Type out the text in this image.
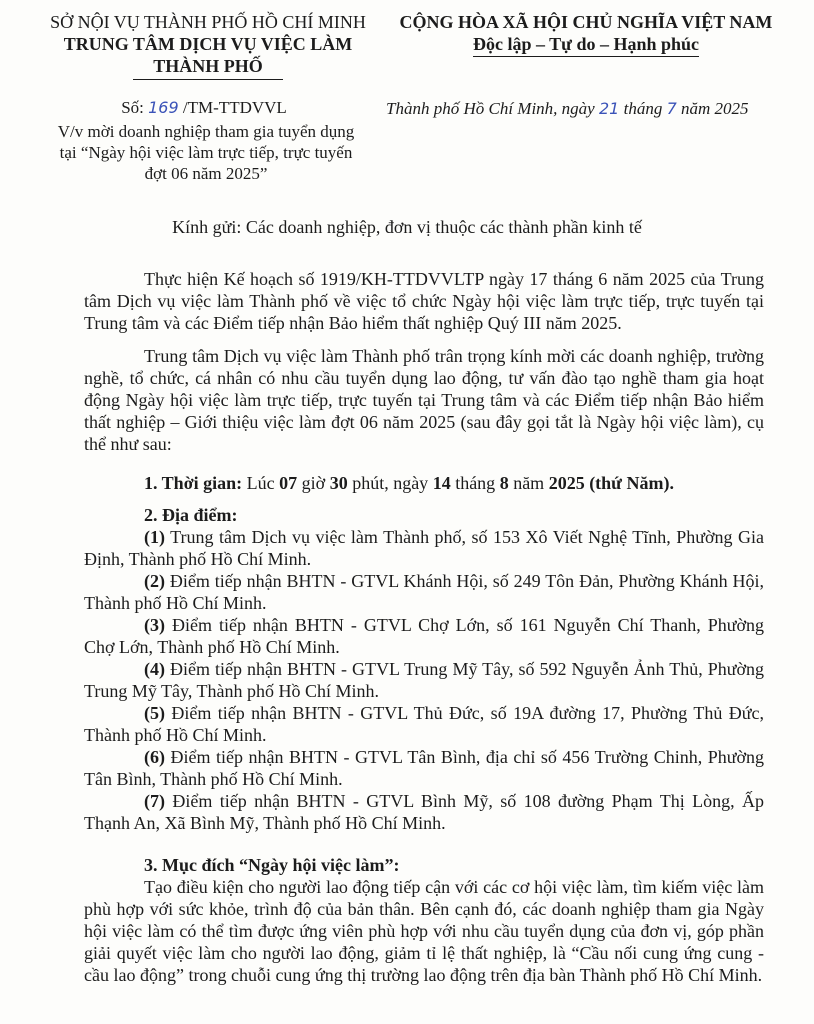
SỞ NỘI VỤ THÀNH PHỐ HỒ CHÍ MINH
TRUNG TÂM DỊCH VỤ VIỆC LÀM
THÀNH PHỐ
CỘNG HÒA XÃ HỘI CHỦ NGHĨA VIỆT NAM
Độc lập – Tự do – Hạnh phúc
Số: 169 /TM-TTDVVL	Thành phố Hồ Chí Minh, ngày 21 tháng 7 năm 2025
V/v mời doanh nghiệp tham gia tuyển dụng
tại “Ngày hội việc làm trực tiếp, trực tuyến
đợt 06 năm 2025”
Kính gửi: Các doanh nghiệp, đơn vị thuộc các thành phần kinh tế

Thực hiện Kế hoạch số 1919/KH-TTDVVLTP ngày 17 tháng 6 năm 2025 của Trung tâm Dịch vụ việc làm Thành phố về việc tổ chức Ngày hội việc làm trực tiếp, trực tuyến tại Trung tâm và các Điểm tiếp nhận Bảo hiểm thất nghiệp Quý III năm 2025.

Trung tâm Dịch vụ việc làm Thành phố trân trọng kính mời các doanh nghiệp, trường nghề, tổ chức, cá nhân có nhu cầu tuyển dụng lao động, tư vấn đào tạo nghề tham gia hoạt động Ngày hội việc làm trực tiếp, trực tuyến tại Trung tâm và các Điểm tiếp nhận Bảo hiểm thất nghiệp – Giới thiệu việc làm đợt 06 năm 2025 (sau đây gọi tắt là Ngày hội việc làm), cụ thể như sau:

1. Thời gian: Lúc 07 giờ 30 phút, ngày 14 tháng 8 năm 2025 (thứ Năm).

2. Địa điểm:

(1) Trung tâm Dịch vụ việc làm Thành phố, số 153 Xô Viết Nghệ Tĩnh, Phường Gia Định, Thành phố Hồ Chí Minh.

(2) Điểm tiếp nhận BHTN - GTVL Khánh Hội, số 249 Tôn Đản, Phường Khánh Hội, Thành phố Hồ Chí Minh.

(3) Điểm tiếp nhận BHTN - GTVL Chợ Lớn, số 161 Nguyễn Chí Thanh, Phường Chợ Lớn, Thành phố Hồ Chí Minh.

(4) Điểm tiếp nhận BHTN - GTVL Trung Mỹ Tây, số 592 Nguyễn Ảnh Thủ, Phường Trung Mỹ Tây, Thành phố Hồ Chí Minh.

(5) Điểm tiếp nhận BHTN - GTVL Thủ Đức, số 19A đường 17, Phường Thủ Đức, Thành phố Hồ Chí Minh.

(6) Điểm tiếp nhận BHTN - GTVL Tân Bình, địa chỉ số 456 Trường Chinh, Phường Tân Bình, Thành phố Hồ Chí Minh.

(7) Điểm tiếp nhận BHTN - GTVL Bình Mỹ, số 108 đường Phạm Thị Lòng, Ấp Thạnh An, Xã Bình Mỹ, Thành phố Hồ Chí Minh.

3. Mục đích “Ngày hội việc làm”:

Tạo điều kiện cho người lao động tiếp cận với các cơ hội việc làm, tìm kiếm việc làm phù hợp với sức khỏe, trình độ của bản thân. Bên cạnh đó, các doanh nghiệp tham gia Ngày hội việc làm có thể tìm được ứng viên phù hợp với nhu cầu tuyển dụng của đơn vị, góp phần giải quyết việc làm cho người lao động, giảm tỉ lệ thất nghiệp, là “Cầu nối cung ứng cung - cầu lao động” trong chuỗi cung ứng thị trường lao động trên địa bàn Thành phố Hồ Chí Minh.
